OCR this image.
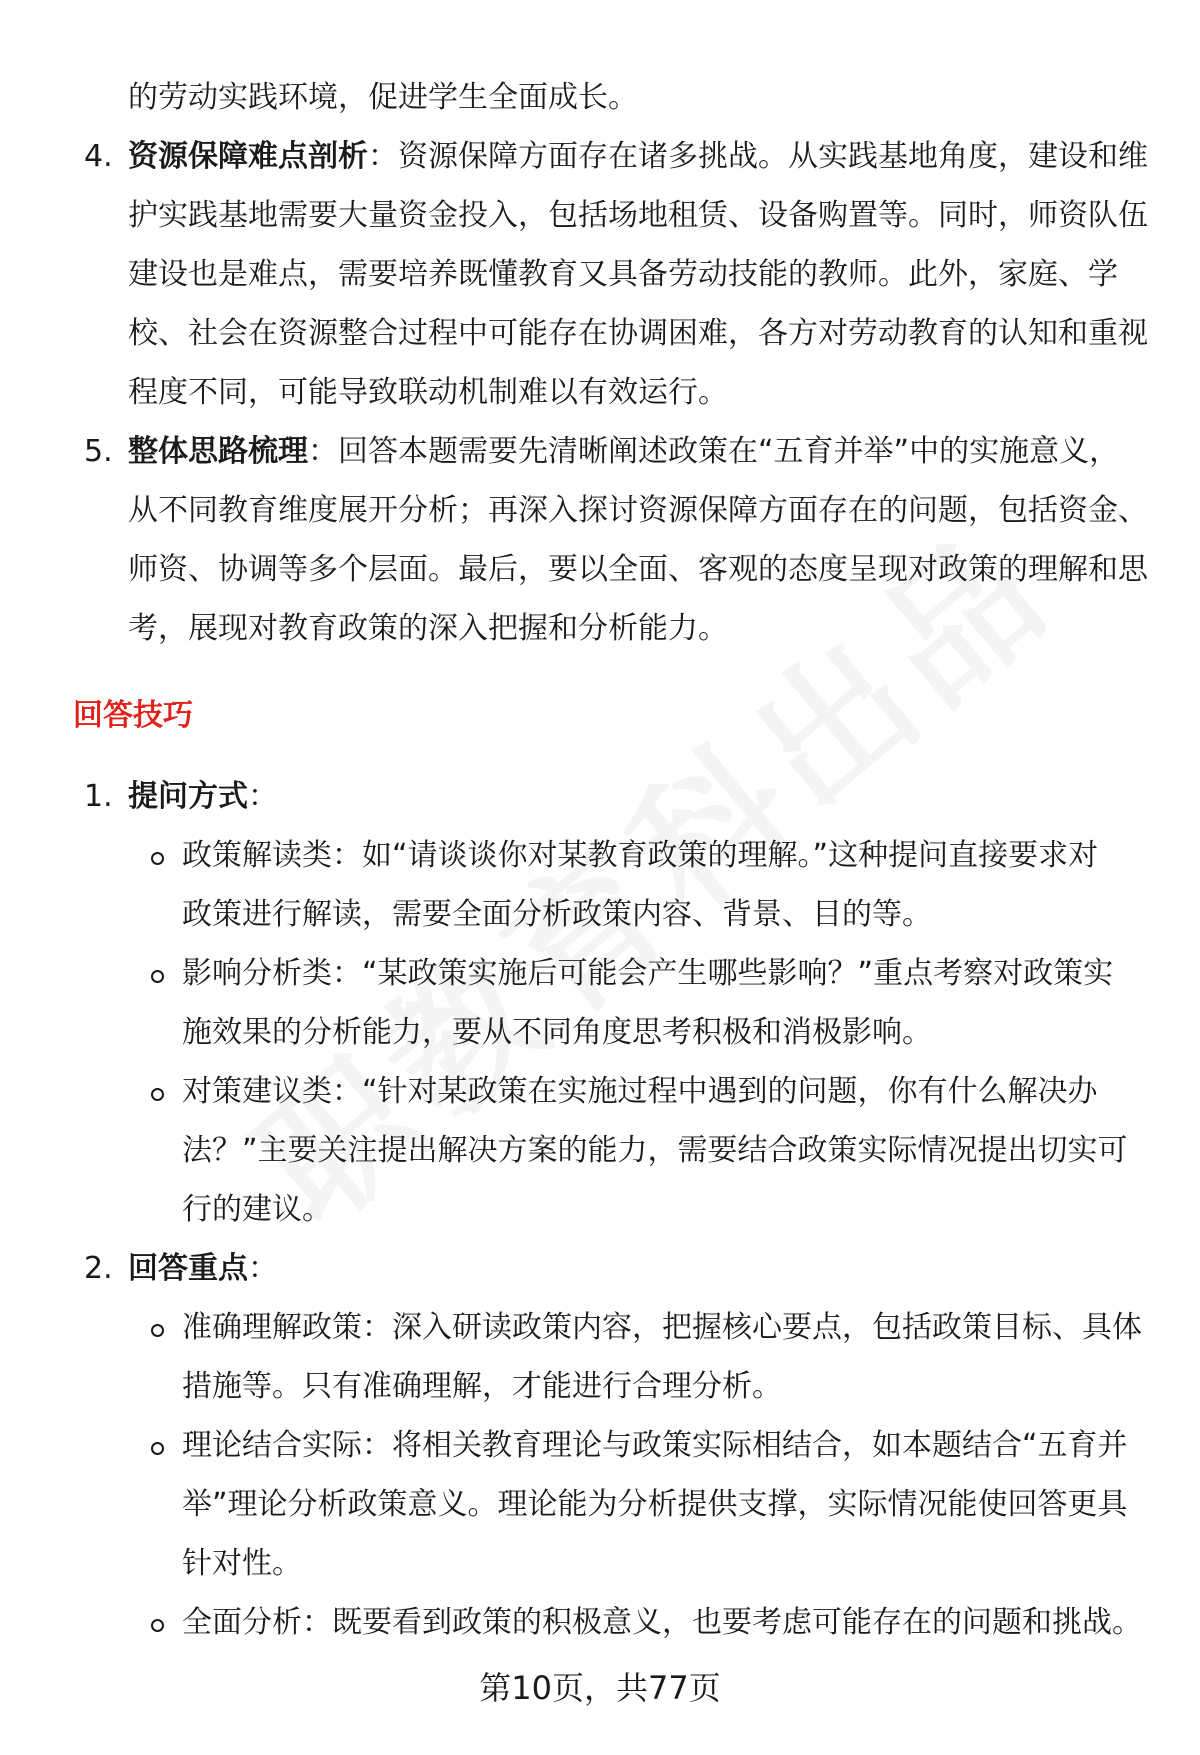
的劳动实践环境，促进学生全面成长。
4. 资源保障难点剖析：资源保障方面存在诸多挑战。从实践基地角度，建设和维
护实践基地需要大量资金投入，包括场地租赁、设备购置等。同时，师资队伍
建设也是难点，需要培养既懂教育又具备劳动技能的教师。此外，家庭、学
校、社会在资源整合过程中可能存在协调困难，各方对劳动教育的认知和重视
程度不同，可能导致联动机制难以有效运行。
5. 整体思路梳理：回答本题需要先清晰阐述政策在“五育并举”中的实施意义，
从不同教育维度展开分析；再深入探讨资源保障方面存在的问题，包括资金、
师资、协调等多个层面。最后，要以全面、客观的态度呈现对政策的理解和思
考，展现对教育政策的深入把握和分析能力。
回答技巧
1. 提问方式：
政策解读类：如“请谈谈你对某教育政策的理解。”这种提问直接要求对
政策进行解读，需要全面分析政策内容、背景、目的等。
影响分析类：“某政策实施后可能会产生哪些影响？”重点考察对政策实
施效果的分析能力，要从不同角度思考积极和消极影响。
对策建议类：“针对某政策在实施过程中遇到的问题，你有什么解决办
法？”主要关注提出解决方案的能力，需要结合政策实际情况提出切实可
行的建议。
2. 回答重点：
准确理解政策：深入研读政策内容，把握核心要点，包括政策目标、具体
措施等。只有准确理解，才能进行合理分析。
理论结合实际：将相关教育理论与政策实际相结合，如本题结合“五育并
举”理论分析政策意义。理论能为分析提供支撑，实际情况能使回答更具
针对性。
全面分析：既要看到政策的积极意义，也要考虑可能存在的问题和挑战。
第10页，共77页
